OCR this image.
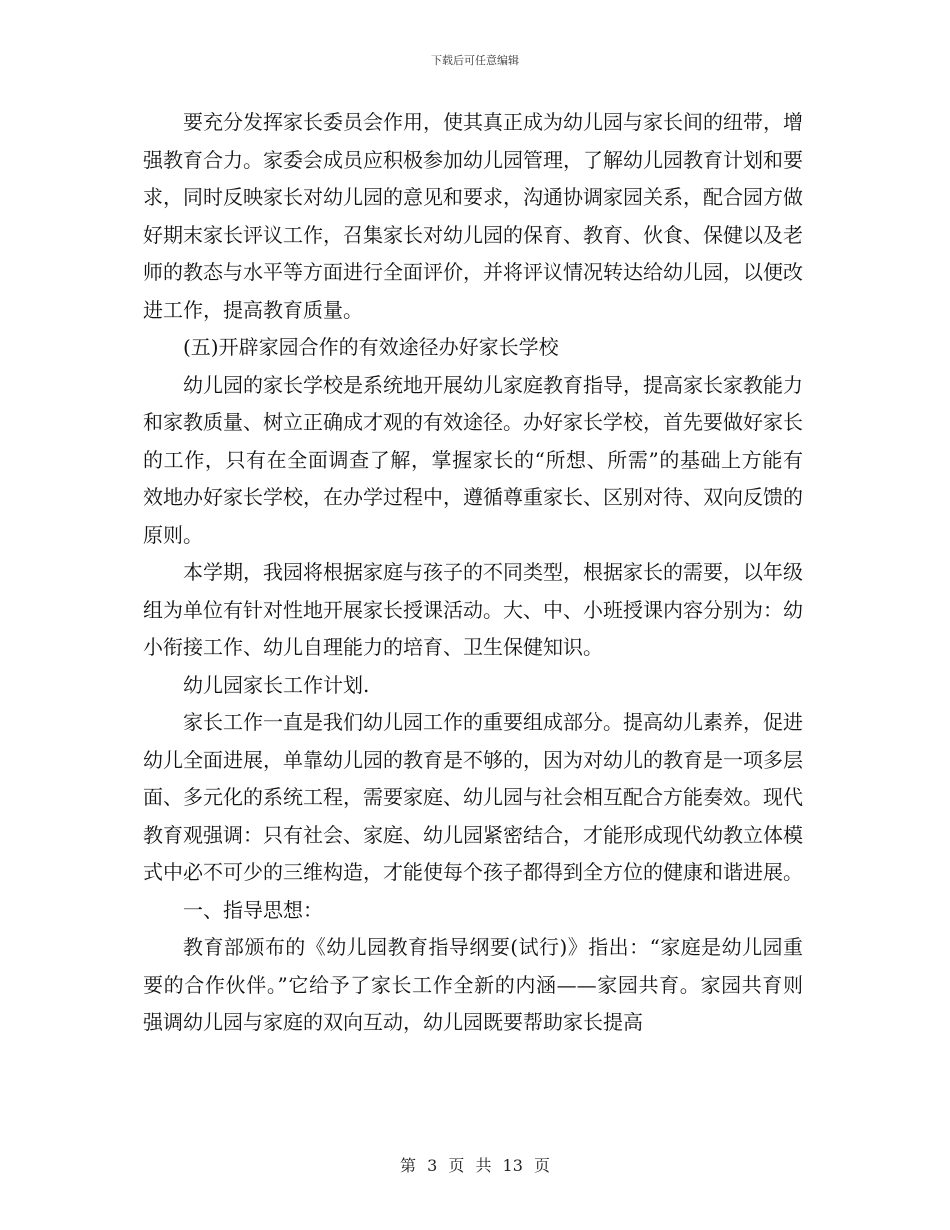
下载后可任意编辑

要充分发挥家长委员会作用，使其真正成为幼儿园与家长间的纽带，增强教育合力。家委会成员应积极参加幼儿园管理，了解幼儿园教育计划和要求，同时反映家长对幼儿园的意见和要求，沟通协调家园关系，配合园方做好期末家长评议工作，召集家长对幼儿园的保育、教育、伙食、保健以及老师的教态与水平等方面进行全面评价，并将评议情况转达给幼儿园，以便改进工作，提高教育质量。

(五)开辟家园合作的有效途径办好家长学校

幼儿园的家长学校是系统地开展幼儿家庭教育指导，提高家长家教能力和家教质量、树立正确成才观的有效途径。办好家长学校，首先要做好家长的工作，只有在全面调查了解，掌握家长的“所想、所需”的基础上方能有效地办好家长学校，在办学过程中，遵循尊重家长、区别对待、双向反馈的原则。

本学期，我园将根据家庭与孩子的不同类型，根据家长的需要，以年级组为单位有针对性地开展家长授课活动。大、中、小班授课内容分别为：幼小衔接工作、幼儿自理能力的培育、卫生保健知识。

幼儿园家长工作计划.

家长工作一直是我们幼儿园工作的重要组成部分。提高幼儿素养，促进幼儿全面进展，单靠幼儿园的教育是不够的，因为对幼儿的教育是一项多层面、多元化的系统工程，需要家庭、幼儿园与社会相互配合方能奏效。现代教育观强调：只有社会、家庭、幼儿园紧密结合，才能形成现代幼教立体模式中必不可少的三维构造，才能使每个孩子都得到全方位的健康和谐进展。

一、指导思想：

教育部颁布的《幼儿园教育指导纲要(试行)》指出：“家庭是幼儿园重要的合作伙伴。”它给予了家长工作全新的内涵——家园共育。家园共育则强调幼儿园与家庭的双向互动，幼儿园既要帮助家长提高

第 3 页 共 13 页
